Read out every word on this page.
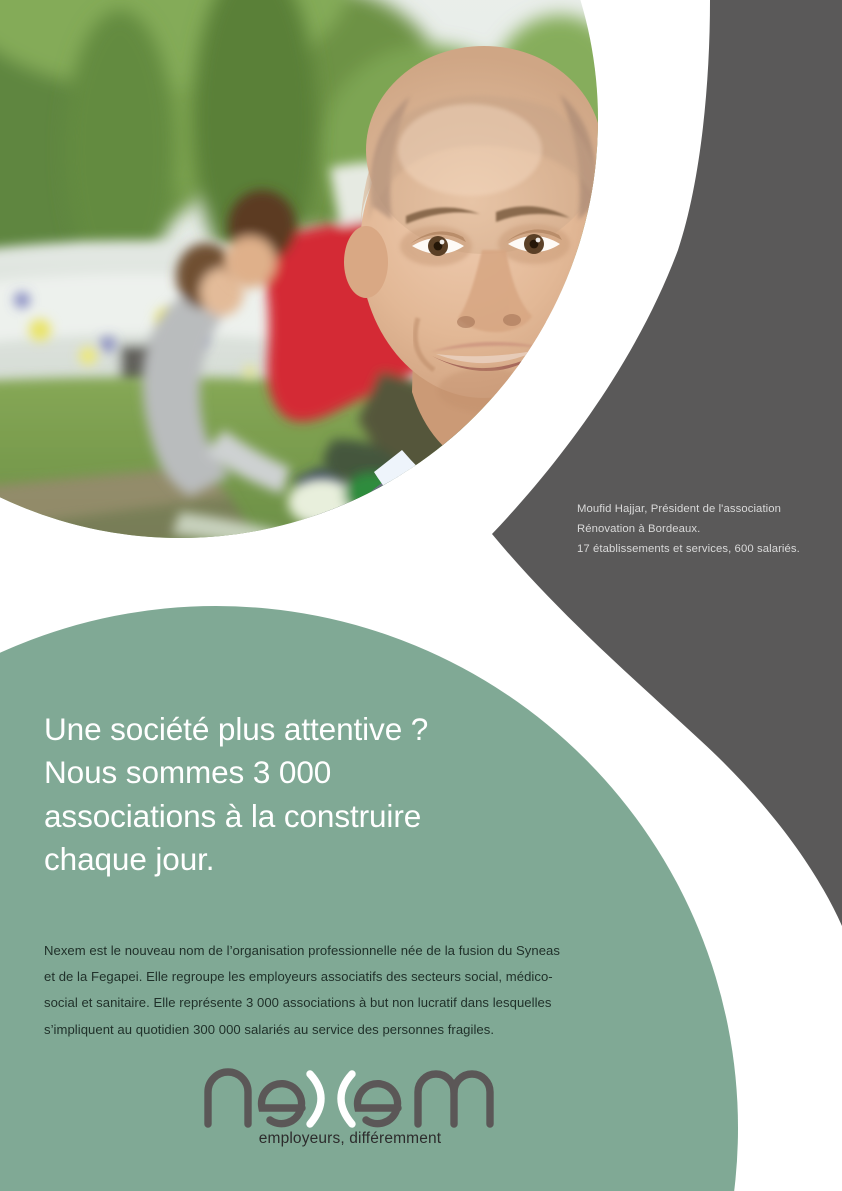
Moufid Hajjar, Président de l'association
Rénovation à Bordeaux.
17 établissements et services, 600 salariés.
Une société plus attentive ?
Nous sommes 3 000
associations à la construire
chaque jour.
Nexem est le nouveau nom de l’organisation professionnelle née de la fusion du Syneas
et de la Fegapei. Elle regroupe les employeurs associatifs des secteurs social, médico-
social et sanitaire. Elle représente 3 000 associations à but non lucratif dans lesquelles
s’impliquent au quotidien 300 000 salariés au service des personnes fragiles.
employeurs, différemment
